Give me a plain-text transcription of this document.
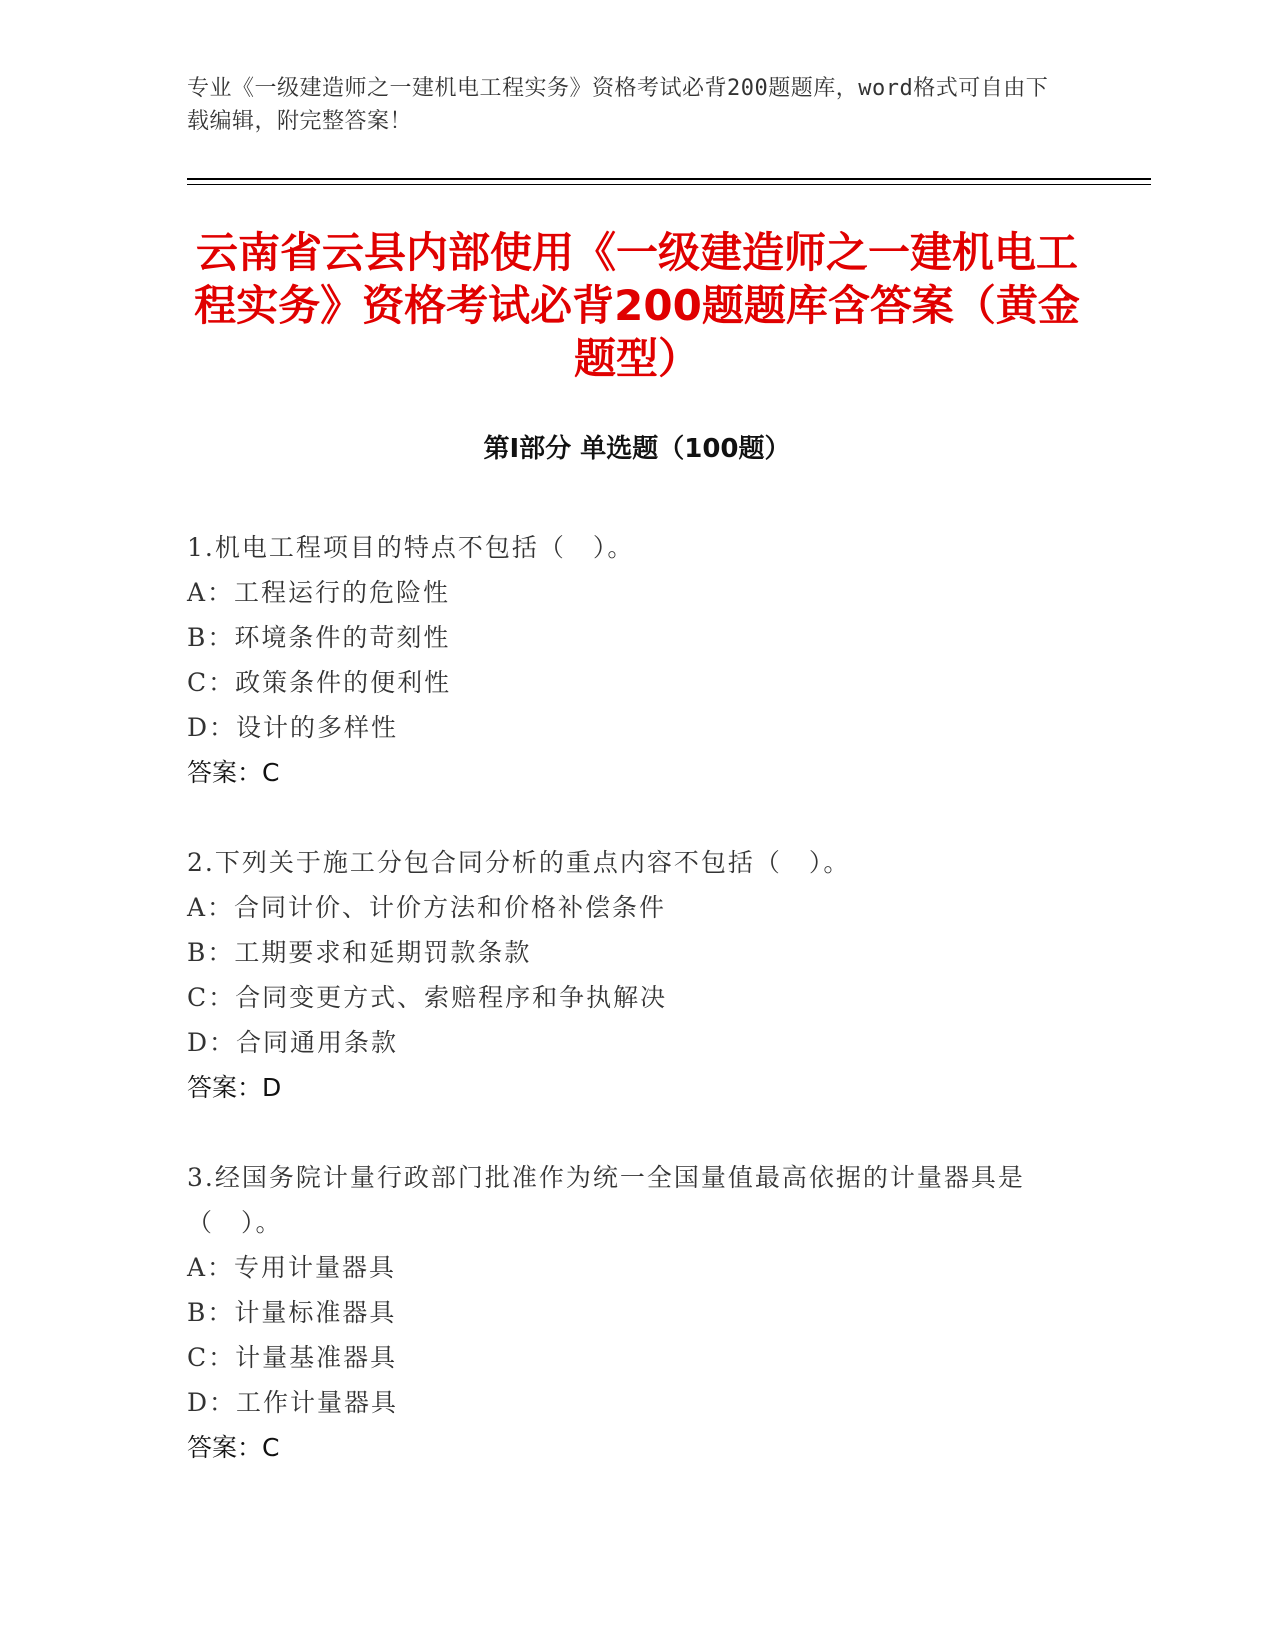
专业《一级建造师之一建机电工程实务》资格考试必背200题题库，word格式可自由下载编辑，附完整答案！
云南省云县内部使用《一级建造师之一建机电工程实务》资格考试必背200题题库含答案（黄金题型）
第I部分 单选题（100题）

1.机电工程项目的特点不包括（　）。

A：工程运行的危险性

B：环境条件的苛刻性

C：政策条件的便利性

D：设计的多样性

答案：C

2.下列关于施工分包合同分析的重点内容不包括（　）。

A：合同计价、计价方法和价格补偿条件

B：工期要求和延期罚款条款

C：合同变更方式、索赔程序和争执解决

D：合同通用条款

答案：D

3.经国务院计量行政部门批准作为统一全国量值最高依据的计量器具是（　）。

A：专用计量器具

B：计量标准器具

C：计量基准器具

D：工作计量器具

答案：C
